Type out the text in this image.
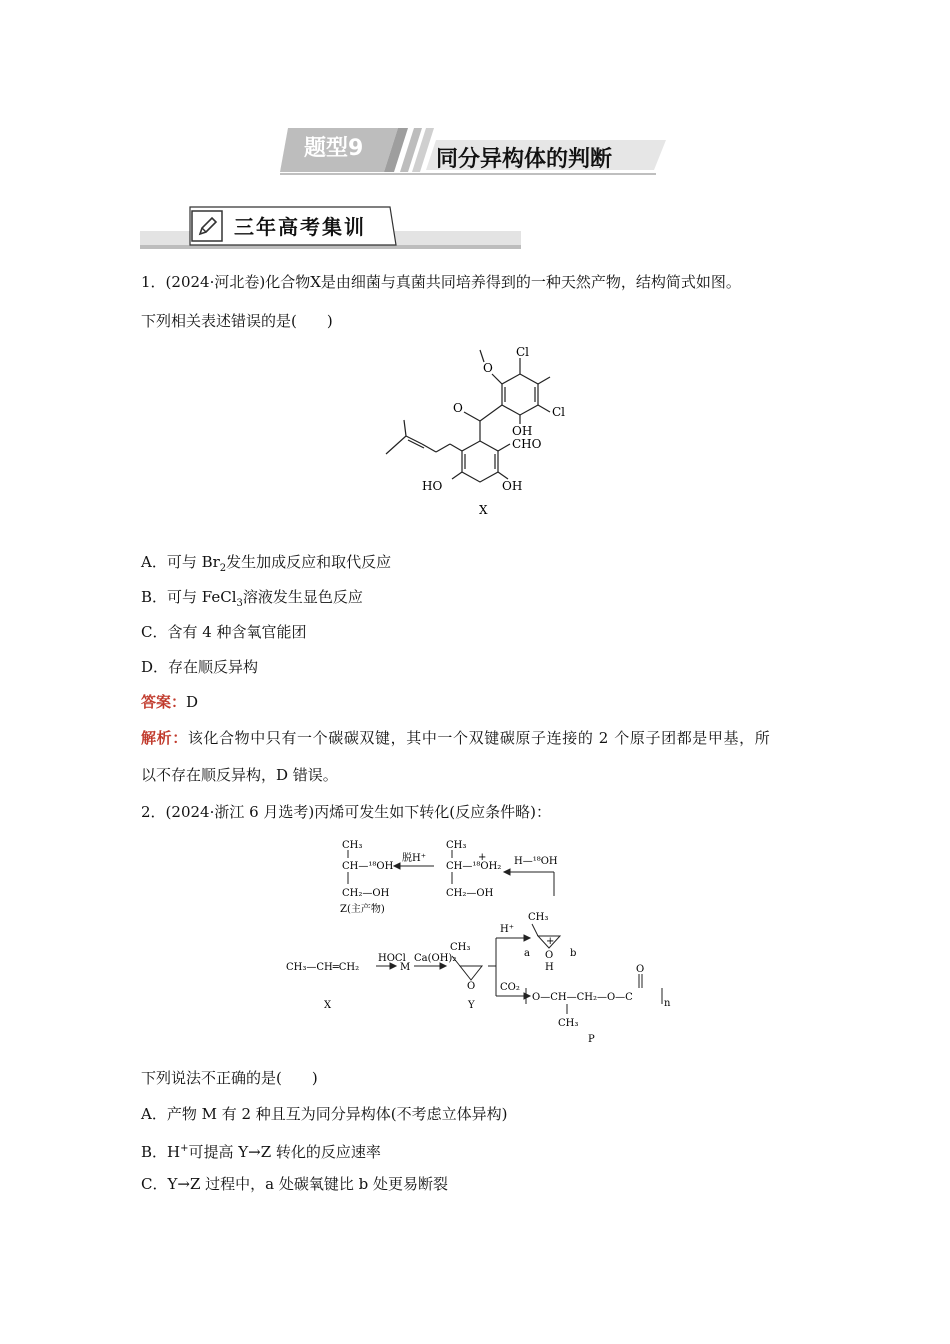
题型9	同分异构体的判断
三年高考集训
1．(2024·河北卷)化合物X是由细菌与真菌共同培养得到的一种天然产物，结构简式如图。
下列相关表述错误的是(　　)
Cl
Cl
OH
CHO
HO	OH
O
O
X
A．可与 $Br_2$发生加成反应和取代反应
B．可与 FeCl$_3$溶液发生显色反应
C．含有 4 种含氧官能团
D．存在顺反异构
答案：D
解析：该化合物中只有一个碳碳双键，其中一个双键碳原子连接的 2 个原子团都是甲基，所
以不存在顺反异构，D 错误。
2．(2024·浙江 6 月选考)丙烯可发生如下转化(反应条件略)：
CH₃
CH—¹⁸OH
CH₂—OH
Z(主产物)
脱H⁺
CH₃
CH—¹⁸OH₂
+
CH₂—OH
H—¹⁸OH
CH₃—CH═CH₂
HOCl
M
Ca(OH)₂
CH₃
O
X	Y
H⁺
CH₃
+
O
H
a	b
CO₂
O
O—CH—CH₂—O—C
CH₃
n
P
下列说法不正确的是(　　)
A．产物 M 有 2 种且互为同分异构体(不考虑立体异构)
B．H+可提高 Y→Z 转化的反应速率
C．Y→Z 过程中，a 处碳氧键比 b 处更易断裂
